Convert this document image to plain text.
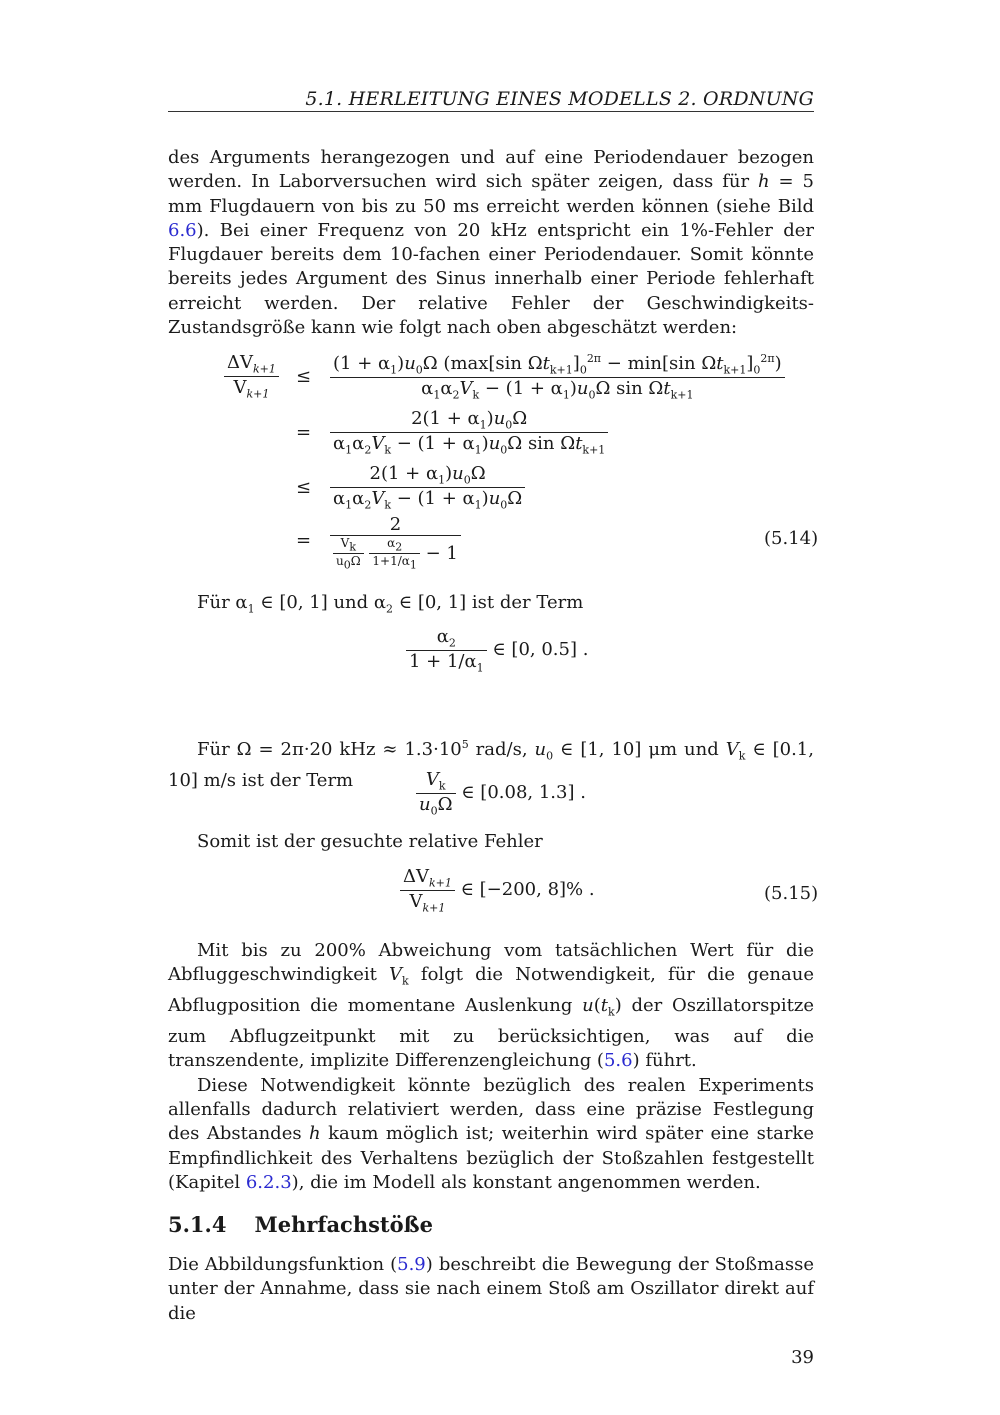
5.1. HERLEITUNG EINES MODELLS 2. ORDNUNG

des Arguments herangezogen und auf eine Periodendauer bezogen werden. In Laborversuchen wird sich später zeigen, dass für h = 5 mm Flugdauern von bis zu 50 ms erreicht werden können (siehe Bild 6.6). Bei einer Frequenz von 20 kHz entspricht ein 1%-Fehler der Flugdauer bereits dem 10-fachen einer Periodendauer. Somit könnte bereits jedes Argument des Sinus innerhalb einer Periode fehlerhaft erreicht werden. Der relative Fehler der Geschwindigkeits-Zustandsgröße kann wie folgt nach oben abgeschätzt werden:

$\frac{\Delta V_{k+1}}{V_{k+1}} \le \frac{(1 + \alpha_1)u_0\Omega (\max[\sin \Omega t_{k+1}]_0^{2\pi} - \min[\sin \Omega t_{k+1}]_0^{2\pi})}{\alpha_1\alpha_2V_k - (1 + \alpha_1)u_0\Omega \sin \Omega t_{k+1}}$
= $\frac{2(1 + \alpha_1)u_0\Omega}{\alpha_1\alpha_2V_k - (1 + \alpha_1)u_0\Omega \sin \Omega t_{k+1}}$
≤ $\frac{2(1 + \alpha_1)u_0\Omega}{\alpha_1\alpha_2V_k - (1 + \alpha_1)u_0\Omega}$
= 2
$\frac{V_k}{u_0\Omega}$
$\frac{\alpha_2}{1+1/\alpha_1} - 1$	(5.14)

Für $\alpha_1$ ∈ [0, 1] und $\alpha_2$ ∈ [0, 1] ist der Term

$\frac{\alpha_2}{1 + 1/\alpha_1}$ ∈ [0, 0.5] .

Für Ω = 2π·20 kHz ≈ $1.3\cdot 10^5$ rad/s, $u_0$ ∈ [1, 10] μm und $V_k$ ∈ [0.1, 10] m/s ist der Term	$\frac{V_k}{u_0\Omega}$ ∈ [0.08, 1.3] .
Somit ist der gesuchte relative Fehler
$\frac{\Delta V_{k+1}}{V_{k+1}}$ ∈ [−200, 8]% .	(5.15)

Mit bis zu 200% Abweichung vom tatsächlichen Wert für die Abfluggeschwindigkeit $V_k$ folgt die Notwendigkeit, für die genaue Abflugposition die momentane Auslenkung $u(t_k)$ der Oszillatorspitze zum Abflugzeitpunkt mit zu berücksichtigen, was auf die transzendente, implizite Differenzengleichung (5.6) führt.

Diese Notwendigkeit könnte bezüglich des realen Experiments allenfalls dadurch relativiert werden, dass eine präzise Festlegung des Abstandes h kaum möglich ist; weiterhin wird später eine starke Empfindlichkeit des Verhaltens bezüglich der Stoßzahlen festgestellt (Kapitel 6.2.3), die im Modell als konstant angenommen werden.

5.1.4 Mehrfachstöße

Die Abbildungsfunktion (5.9) beschreibt die Bewegung der Stoßmasse unter der Annahme, dass sie nach einem Stoß am Oszillator direkt auf die

39
